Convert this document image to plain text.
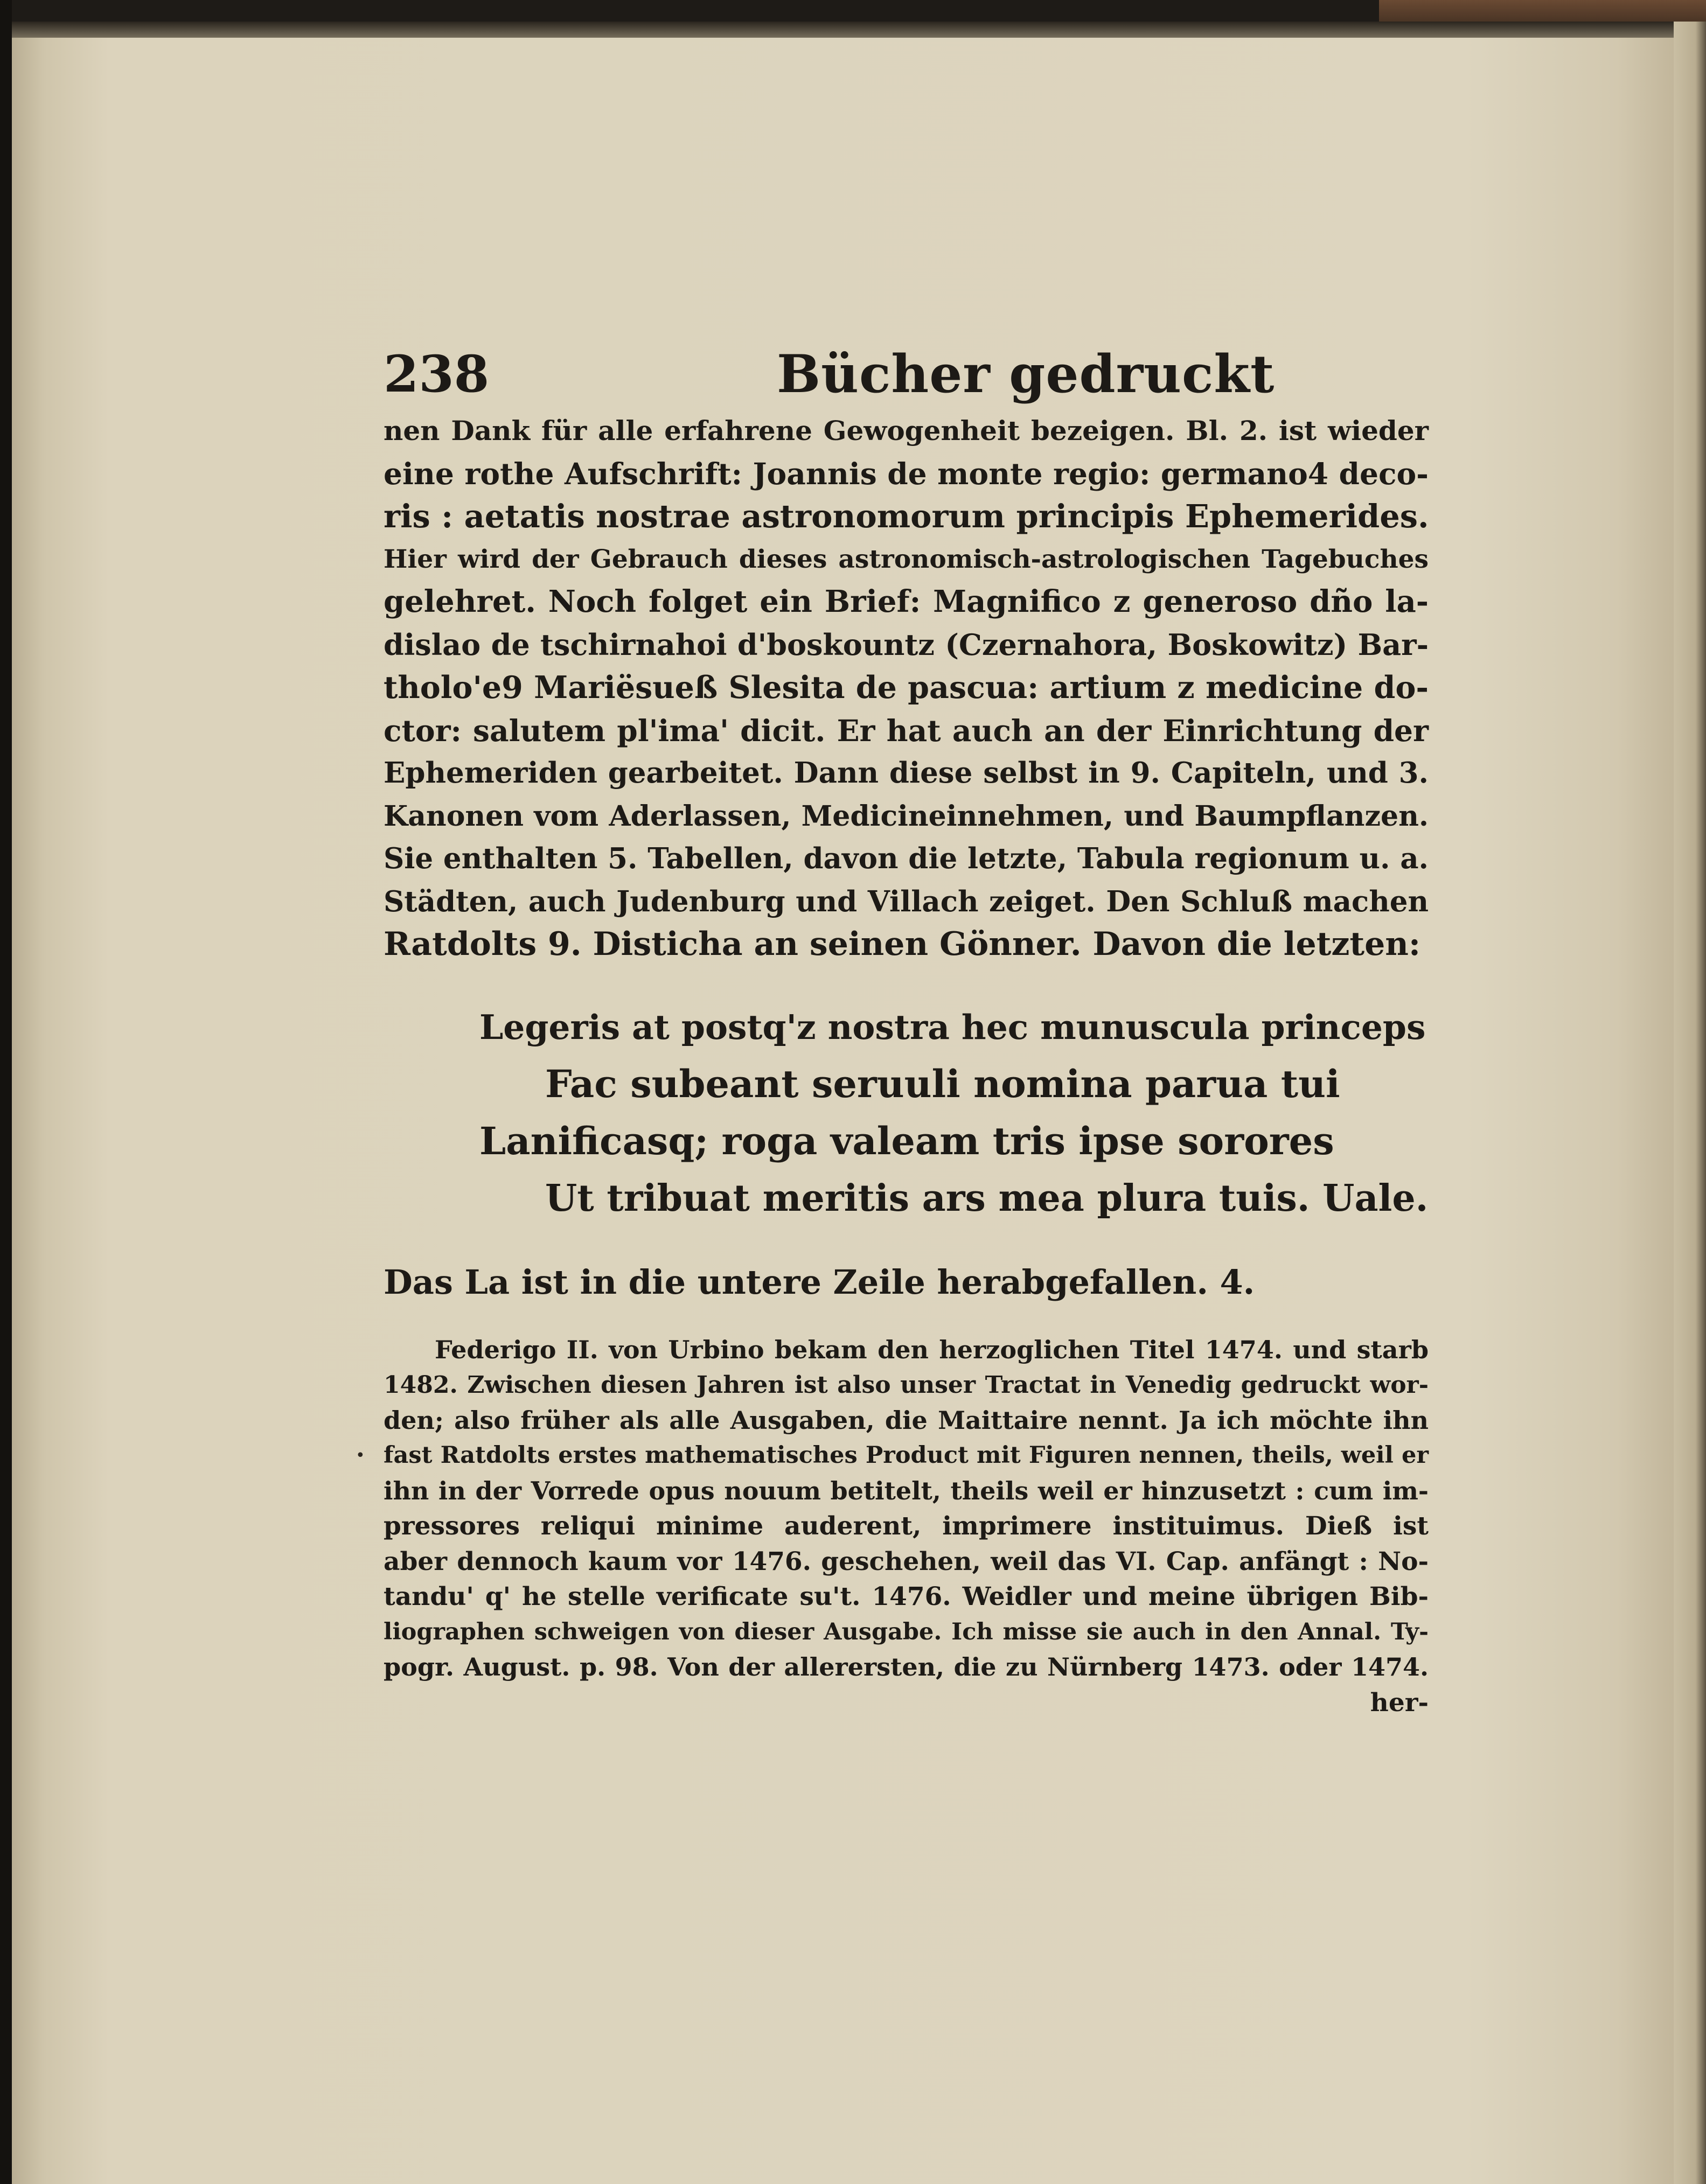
238	Bücher gedruckt
nen Dank für alle erfahrene Gewogenheit bezeigen. Bl. 2. ist wieder
eine rothe Aufschrift: Joannis de monte regio: germano4 deco-
ris : aetatis nostrae astronomorum principis Ephemerides.
Hier wird der Gebrauch dieses astronomisch-astrologischen Tagebuches
gelehret. Noch folget ein Brief: Magnifico z generoso dño la-
dislao de tschirnahoi d'boskountz (Czernahora, Boskowitz) Bar-
tholo'e9 Mariësueß Slesita de pascua: artium z medicine do-
ctor: salutem pl'ima' dicit. Er hat auch an der Einrichtung der
Ephemeriden gearbeitet. Dann diese selbst in 9. Capiteln, und 3.
Kanonen vom Aderlassen, Medicineinnehmen, und Baumpflanzen.
Sie enthalten 5. Tabellen, davon die letzte, Tabula regionum u. a.
Städten, auch Judenburg und Villach zeiget. Den Schluß machen
Ratdolts 9. Disticha an seinen Gönner. Davon die letzten:
Legeris at postq'z nostra hec munuscula princeps
Fac subeant seruuli nomina parua tui
Lanificasq; roga valeam tris ipse sorores
Ut tribuat meritis ars mea plura tuis. Uale.
Das La ist in die untere Zeile herabgefallen. 4.
Federigo II. von Urbino bekam den herzoglichen Titel 1474. und starb
1482. Zwischen diesen Jahren ist also unser Tractat in Venedig gedruckt wor-
den; also früher als alle Ausgaben, die Maittaire nennt. Ja ich möchte ihn
fast Ratdolts erstes mathematisches Product mit Figuren nennen, theils, weil er
ihn in der Vorrede opus nouum betitelt, theils weil er hinzusetzt : cum im-
pressores reliqui minime auderent, imprimere instituimus. Dieß ist
aber dennoch kaum vor 1476. geschehen, weil das VI. Cap. anfängt : No-
tandu' q' he stelle verificate su't. 1476. Weidler und meine übrigen Bib-
liographen schweigen von dieser Ausgabe. Ich misse sie auch in den Annal. Ty-
pogr. August. p. 98. Von der allerersten, die zu Nürnberg 1473. oder 1474.
her-
•
